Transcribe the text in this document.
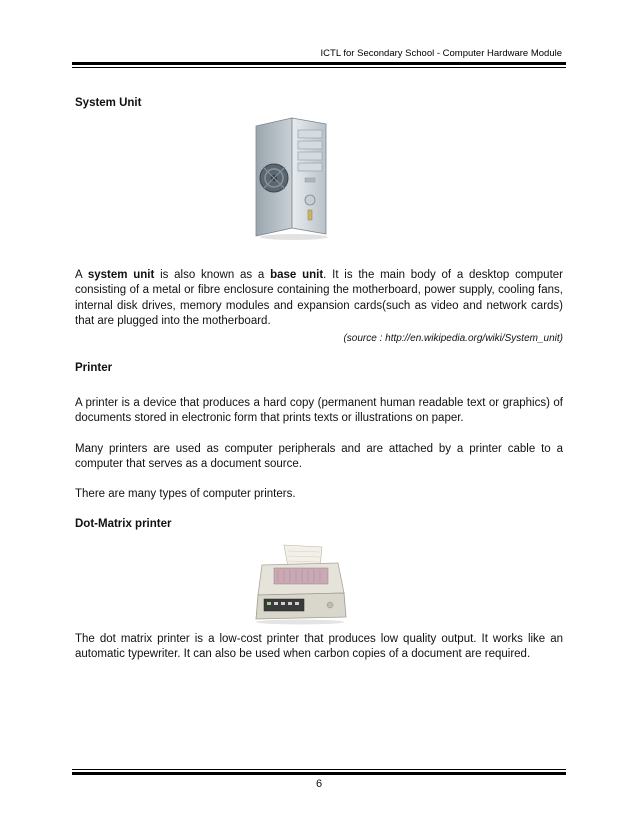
ICTL for Secondary School - Computer Hardware Module
System Unit
A system unit is also known as a base unit. It is the main body of a desktop computer consisting of a metal or fibre enclosure containing the motherboard, power supply, cooling fans, internal disk drives, memory modules and expansion cards(such as video and network cards) that are plugged into the motherboard.
(source : http://en.wikipedia.org/wiki/System_unit)
Printer
A printer is a device that produces a hard copy (permanent human readable text or graphics) of documents stored in electronic form that prints texts or illustrations on paper.
Many printers are used as computer peripherals and are attached by a printer cable to a computer that serves as a document source.
There are many types of computer printers.
Dot-Matrix printer
The dot matrix printer is a low-cost printer that produces low quality output. It works like an automatic typewriter. It can also be used when carbon copies of a document are required.
6
